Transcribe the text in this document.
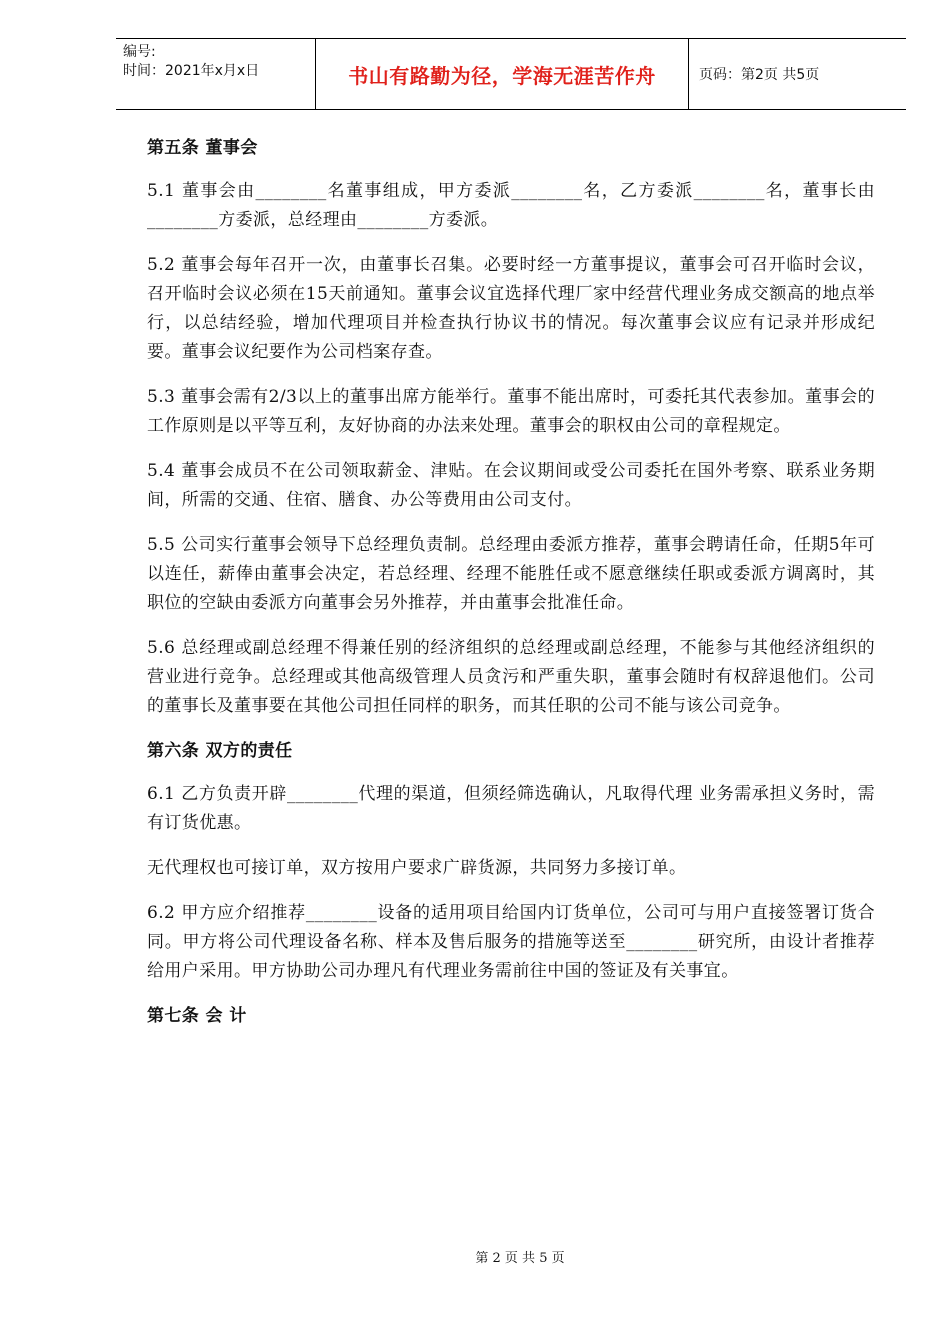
编号:
时间：2021年x月x日	书山有路勤为径，学海无涯苦作舟	页码：第2页 共5页
第五条 董事会

5.1 董事会由________名董事组成，甲方委派________名，乙方委派________名，董事长由________方委派，总经理由________方委派。

5.2 董事会每年召开一次，由董事长召集。必要时经一方董事提议，董事会可召开临时会议，召开临时会议必须在15天前通知。董事会议宜选择代理厂家中经营代理业务成交额高的地点举行，以总结经验，增加代理项目并检查执行协议书的情况。每次董事会议应有记录并形成纪要。董事会议纪要作为公司档案存查。

5.3 董事会需有2/3以上的董事出席方能举行。董事不能出席时，可委托其代表参加。董事会的工作原则是以平等互利，友好协商的办法来处理。董事会的职权由公司的章程规定。

5.4 董事会成员不在公司领取薪金、津贴。在会议期间或受公司委托在国外考察、联系业务期间，所需的交通、住宿、膳食、办公等费用由公司支付。

5.5 公司实行董事会领导下总经理负责制。总经理由委派方推荐，董事会聘请任命，任期5年可以连任，薪俸由董事会决定，若总经理、经理不能胜任或不愿意继续任职或委派方调离时，其职位的空缺由委派方向董事会另外推荐，并由董事会批准任命。

5.6 总经理或副总经理不得兼任别的经济组织的总经理或副总经理，不能参与其他经济组织的营业进行竞争。总经理或其他高级管理人员贪污和严重失职，董事会随时有权辞退他们。公司的董事长及董事要在其他公司担任同样的职务，而其任职的公司不能与该公司竞争。

第六条 双方的责任

6.1 乙方负责开辟________代理的渠道，但须经筛选确认，凡取得代理 业务需承担义务时，需有订货优惠。

无代理权也可接订单，双方按用户要求广辟货源，共同努力多接订单。

6.2 甲方应介绍推荐________设备的适用项目给国内订货单位，公司可与用户直接签署订货合同。甲方将公司代理设备名称、样本及售后服务的措施等送至________研究所，由设计者推荐给用户采用。甲方协助公司办理凡有代理业务需前往中国的签证及有关事宜。

第七条 会 计
第 2 页 共 5 页
